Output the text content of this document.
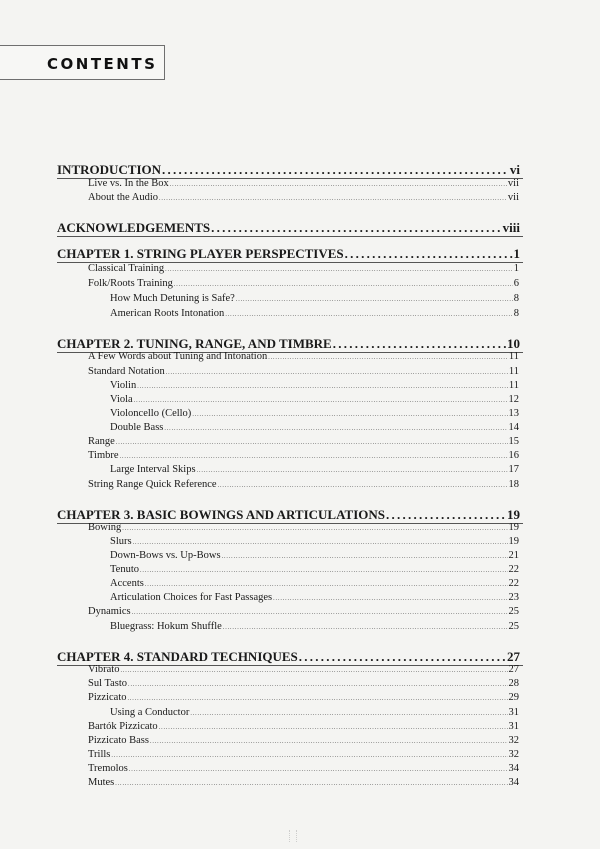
CONTENTS
INTRODUCTION . . .	vi
Live vs. In the Box . . .	vii
About the Audio . . .	vii
ACKNOWLEDGEMENTS . . .	viii
CHAPTER 1. STRING PLAYER PERSPECTIVES . . .	1
Classical Training . . .	1
Folk/Roots Training . . .	6
How Much Detuning is Safe? . . .	8
American Roots Intonation . . .	8
CHAPTER 2. TUNING, RANGE, AND TIMBRE . . .	10
A Few Words about Tuning and Intonation . . .	11
Standard Notation . . .	11
Violin . . .	11
Viola . . .	12
Violoncello (Cello) . . .	13
Double Bass . . .	14
Range . . .	15
Timbre . . .	16
Large Interval Skips . . .	17
String Range Quick Reference . . .	18
CHAPTER 3. BASIC BOWINGS AND ARTICULATIONS . . .	19
Bowing . . .	19
Slurs . . .	19
Down-Bows vs. Up-Bows . . .	21
Tenuto . . .	22
Accents . . .	22
Articulation Choices for Fast Passages . . .	23
Dynamics . . .	25
Bluegrass: Hokum Shuffle . . .	25
CHAPTER 4. STANDARD TECHNIQUES . . .	27
Vibrato . . .	27
Sul Tasto . . .	28
Pizzicato . . .	29
Using a Conductor . . .	31
Bartók Pizzicato . . .	31
Pizzicato Bass . . .	32
Trills . . .	32
Tremolos . . .	34
Mutes . . .	34
